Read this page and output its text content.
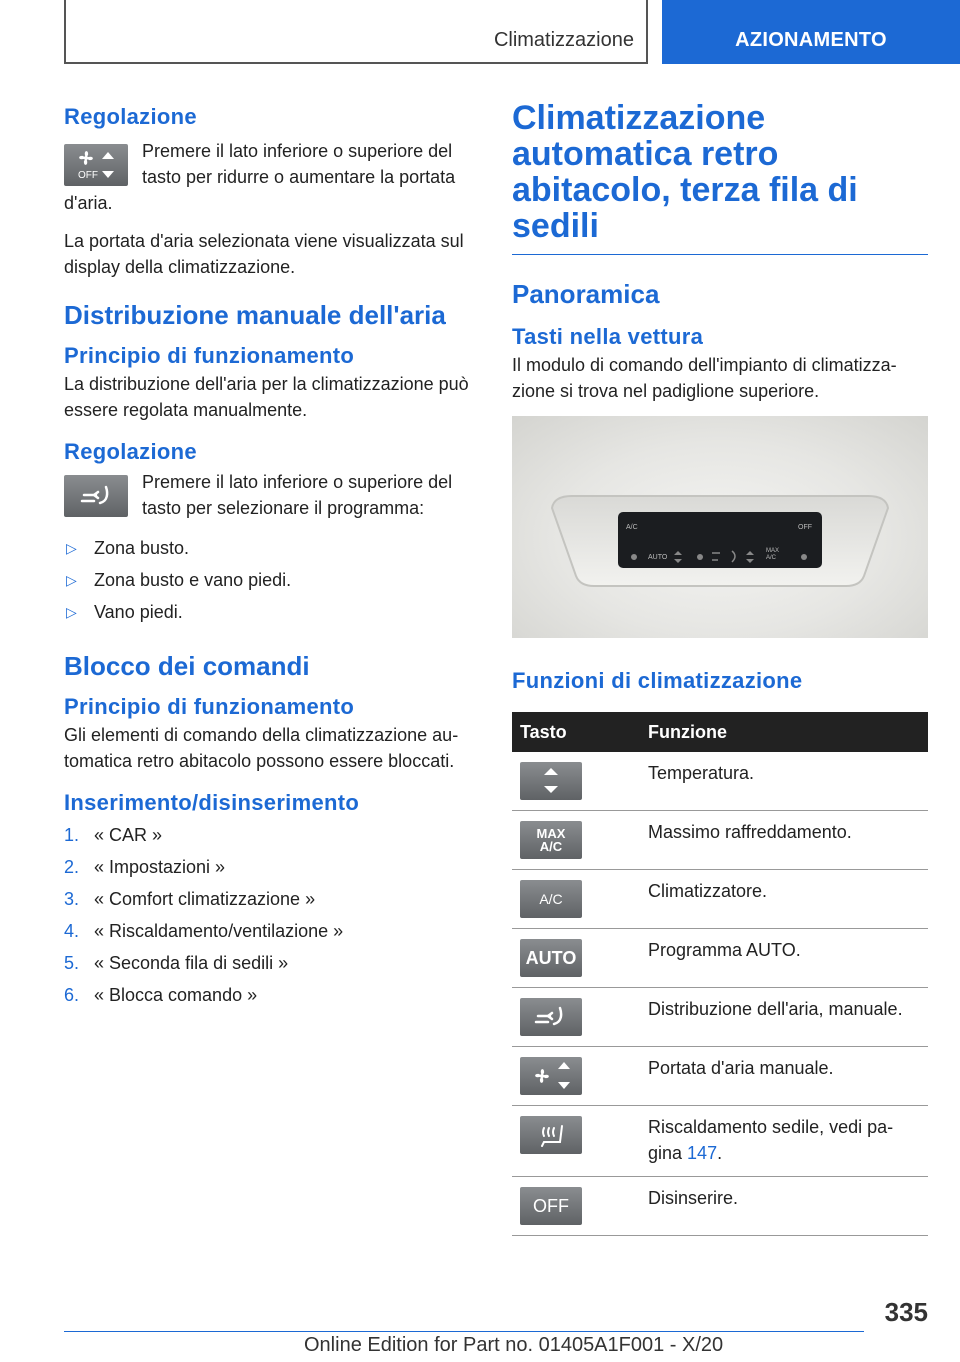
Climatizzazione	AZIONAMENTO
Regolazione
OFF

Premere il lato inferiore o superiore del tasto per ridurre o aumentare la portata

d'aria.

La portata d'aria selezionata viene visualizzata sul display della climatizzazione.

Distribuzione manuale dell'aria
Principio di funzionamento

La distribuzione dell'aria per la climatizzazione può essere regolata manualmente.

Regolazione

Premere il lato inferiore o superiore del tasto per selezionare il programma:

▷ Zona busto.
▷ Zona busto e vano piedi.
▷ Vano piedi.
Blocco dei comandi
Principio di funzionamento

Gli elementi di comando della climatizzazione au-tomatica retro abitacolo possono essere bloccati.

Inserimento/disinserimento
1. « CAR »
2. « Impostazioni »
3. « Comfort climatizzazione »
4. « Riscaldamento/ventilazione »
5. « Seconda fila di sedili »
6. « Blocca comando »
Climatizzazione automatica retro abitacolo, terza fila di sedili
Panoramica
Tasti nella vettura

Il modulo di comando dell'impianto di climatizza-zione si trova nel padiglione superiore.

A/C	OFF
AUTO
MAX A/C
Funzioni di climatizzazione
Tasto	Funzione

	Temperatura.

MAX A/C	Massimo raffreddamento.

A/C	Climatizzatore.

AUTO	Programma AUTO.

	Distribuzione dell'aria, manuale.

	Portata d'aria manuale.

	Riscaldamento sedile, vedi pa-gina 147.

OFF	Disinserire.
335
Online Edition for Part no. 01405A1F001 - X/20
